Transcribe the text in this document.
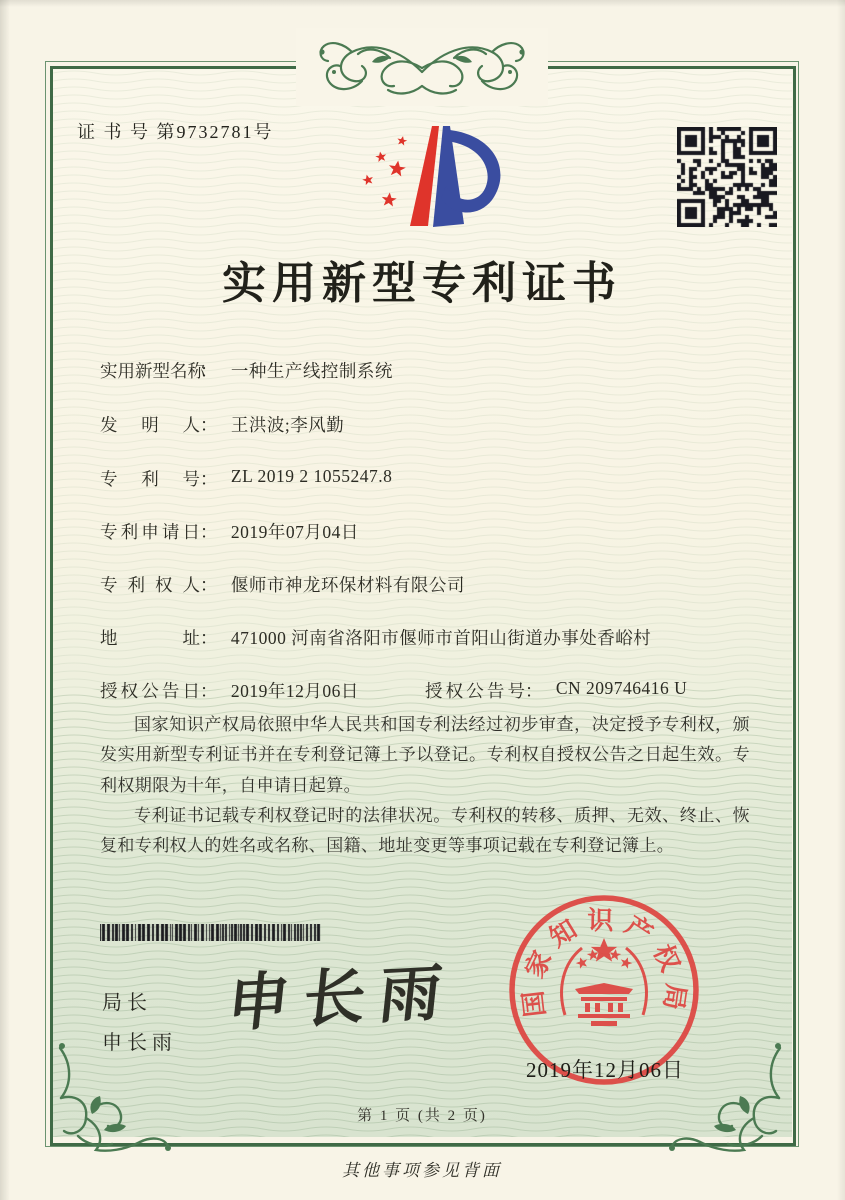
证 书 号 第9732781号
实用新型专利证书
实用新型名称： 一种生产线控制系统
发明人： 王洪波;李风勤
专利号： ZL 2019 2 1055247.8
专利申请日： 2019年07月04日
专利权人： 偃师市神龙环保材料有限公司
地址： 471000 河南省洛阳市偃师市首阳山街道办事处香峪村
授权公告日： 2019年12月06日	授权公告号： CN 209746416 U

国家知识产权局依照中华人民共和国专利法经过初步审查，决定授予专利权，颁发实用新型专利证书并在专利登记簿上予以登记。专利权自授权公告之日起生效。专利权期限为十年，自申请日起算。

专利证书记载专利权登记时的法律状况。专利权的转移、质押、无效、终止、恢复和专利权人的姓名或名称、国籍、地址变更等事项记载在专利登记簿上。

局长
申长雨
申长雨 国家知识产权局
2019年12月06日
第 1 页 (共 2 页)
其他事项参见背面
